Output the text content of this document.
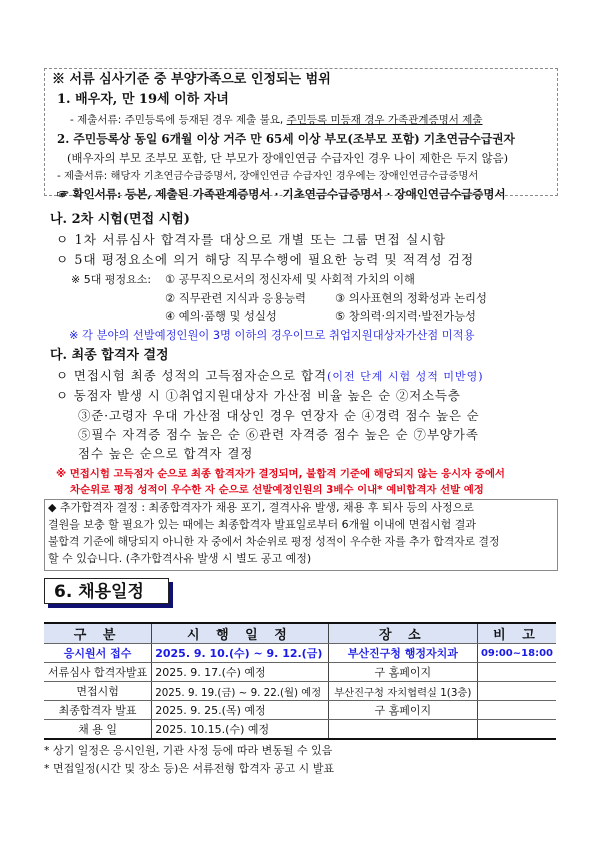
※ 서류 심사기준 중 부양가족으로 인정되는 범위
1. 배우자, 만 19세 이하 자녀
- 제출서류: 주민등록에 등재된 경우 제출 불요, 주민등록 미등재 경우 가족관계증명서 제출
2. 주민등록상 동일 6개월 이상 거주 만 65세 이상 부모(조부모 포함) 기초연금수급권자
(배우자의 부모 조부모 포함, 단 부모가 장애인연금 수급자인 경우 나이 제한은 두지 않음)
- 제출서류: 해당자 기초연금수급증명서, 장애인연금 수급자인 경우에는 장애인연금수급증명서
☞ 확인서류: 등본, 제출된 가족관계증명서 · 기초연금수급증명서 · 장애인연금수급증명서
나. 2차 시험(면접 시험)
ㅇ 1차 서류심사 합격자를 대상으로 개별 또는 그룹 면접 실시함
ㅇ 5대 평정요소에 의거 해당 직무수행에 필요한 능력 및 적격성 검정
※ 5대 평정요소: ① 공무직으로서의 정신자세 및 사회적 가치의 이해
② 직무관련 지식과 응용능력	③ 의사표현의 정확성과 논리성
④ 예의·품행 및 성실성	⑤ 창의력·의지력·발전가능성
※ 각 분야의 선발예정인원이 3명 이하의 경우이므로 취업지원대상자가산점 미적용
다. 최종 합격자 결정
ㅇ 면접시험 최종 성적의 고득점자순으로 합격(이전 단계 시험 성적 미반영)
ㅇ 동점자 발생 시 ①취업지원대상자 가산점 비율 높은 순 ②저소득층
③준·고령자 우대 가산점 대상인 경우 연장자 순 ④경력 점수 높은 순
⑤필수 자격증 점수 높은 순 ⑥관련 자격증 점수 높은 순 ⑦부양가족
점수 높은 순으로 합격자 결정
※ 면접시험 고득점자 순으로 최종 합격자가 결정되며, 불합격 기준에 해당되지 않는 응시자 중에서
차순위로 평정 성적이 우수한 자 순으로 선발예정인원의 3배수 이내* 예비합격자 선발 예정
◆ 추가합격자 결정 : 최종합격자가 채용 포기, 결격사유 발생, 채용 후 퇴사 등의 사정으로
결원을 보충 할 필요가 있는 때에는 최종합격자 발표일로부터 6개월 이내에 면접시험 결과
불합격 기준에 해당되지 아니한 자 중에서 차순위로 평정 성적이 우수한 자를 추가 합격자로 결정
할 수 있습니다. (추가합격사유 발생 시 별도 공고 예정)
6. 채용일정
구 분	시 행 일 정	장 소	비 고
응시원서 접수	2025. 9. 10.(수) ~ 9. 12.(금)	부산진구청 행정자치과	09:00~18:00
서류심사 합격자발표	2025. 9. 17.(수) 예정	구 홈페이지	
면접시험	2025. 9. 19.(금) ~ 9. 22.(월) 예정	부산진구청 자치협력실 1(3층)	
최종합격자 발표	2025. 9. 25.(목) 예정	구 홈페이지	
채 용 일	2025. 10.15.(수) 예정		
* 상기 일정은 응시인원, 기관 사정 등에 따라 변동될 수 있음
* 면접일정(시간 및 장소 등)은 서류전형 합격자 공고 시 발표
